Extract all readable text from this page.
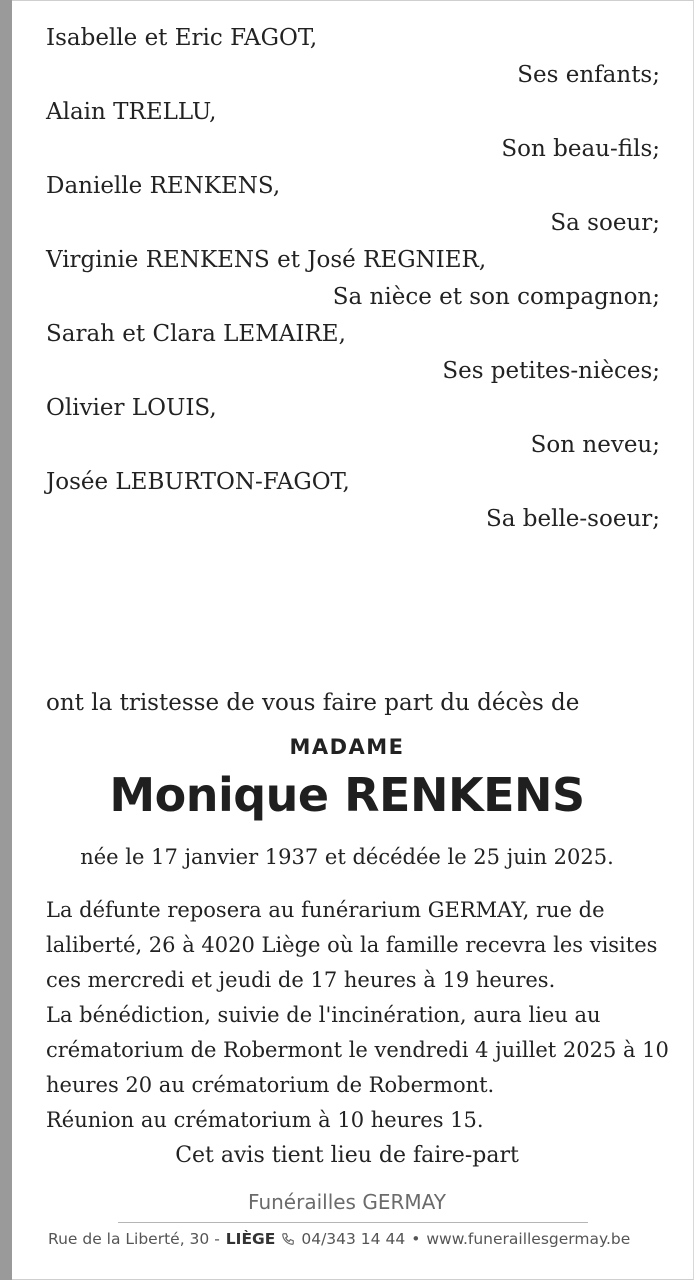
Isabelle et Eric FAGOT,
Ses enfants;
Alain TRELLU,
Son beau-fils;
Danielle RENKENS,
Sa soeur;
Virginie RENKENS et José REGNIER,
Sa nièce et son compagnon;
Sarah et Clara LEMAIRE,
Ses petites-nièces;
Olivier LOUIS,
Son neveu;
Josée LEBURTON-FAGOT,
Sa belle-soeur;
ont la tristesse de vous faire part du décès de
MADAME
Monique RENKENS
née le 17 janvier 1937 et décédée le 25 juin 2025.

La défunte reposera au funérarium GERMAY, rue de

laliberté, 26 à 4020 Liège où la famille recevra les visites

ces mercredi et jeudi de 17 heures à 19 heures.

La bénédiction, suivie de l'incinération, aura lieu au

crématorium de Robermont le vendredi 4 juillet 2025 à 10

heures 20 au crématorium de Robermont.

Réunion au crématorium à 10 heures 15.

Cet avis tient lieu de faire-part
Funérailles GERMAY
Rue de la Liberté, 30 - LIÈGE 04/343 14 44 • www.funeraillesgermay.be
